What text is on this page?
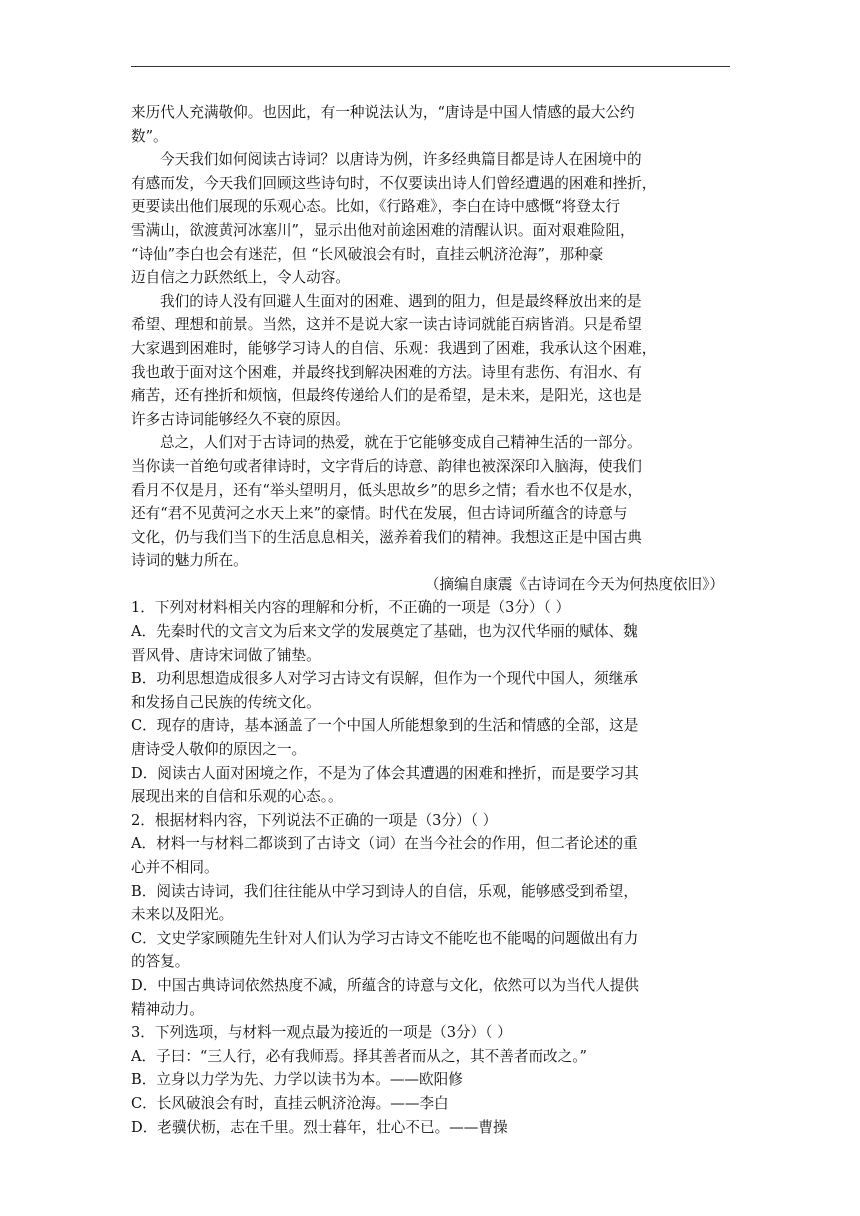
来历代人充满敬仰。也因此，有一种说法认为，“唐诗是中国人情感的最大公约
数”。
今天我们如何阅读古诗词？以唐诗为例，许多经典篇目都是诗人在困境中的
有感而发，今天我们回顾这些诗句时，不仅要读出诗人们曾经遭遇的困难和挫折，
更要读出他们展现的乐观心态。比如，《行路难》，李白在诗中感慨“将登太行
雪满山，欲渡黄河冰塞川”，显示出他对前途困难的清醒认识。面对艰难险阻，
“诗仙”李白也会有迷茫，但 “长风破浪会有时，直挂云帆济沧海”，那种豪
迈自信之力跃然纸上，令人动容。
我们的诗人没有回避人生面对的困难、遇到的阻力，但是最终释放出来的是
希望、理想和前景。当然，这并不是说大家一读古诗词就能百病皆消。只是希望
大家遇到困难时，能够学习诗人的自信、乐观：我遇到了困难，我承认这个困难，
我也敢于面对这个困难，并最终找到解决困难的方法。诗里有悲伤、有泪水、有
痛苦，还有挫折和烦恼，但最终传递给人们的是希望，是未来，是阳光，这也是
许多古诗词能够经久不衰的原因。
总之，人们对于古诗词的热爱，就在于它能够变成自己精神生活的一部分。
当你读一首绝句或者律诗时，文字背后的诗意、韵律也被深深印入脑海，使我们
看月不仅是月，还有“举头望明月，低头思故乡”的思乡之情；看水也不仅是水，
还有“君不见黄河之水天上来”的豪情。时代在发展，但古诗词所蕴含的诗意与
文化，仍与我们当下的生活息息相关，滋养着我们的精神。我想这正是中国古典
诗词的魅力所在。
（摘编自康震《古诗词在今天为何热度依旧》）
1．下列对材料相关内容的理解和分析，不正确的一项是（3分）（ ）
A．先秦时代的文言文为后来文学的发展奠定了基础，也为汉代华丽的赋体、魏
晋风骨、唐诗宋词做了铺垫。
B．功利思想造成很多人对学习古诗文有误解，但作为一个现代中国人，须继承
和发扬自己民族的传统文化。
C．现存的唐诗，基本涵盖了一个中国人所能想象到的生活和情感的全部，这是
唐诗受人敬仰的原因之一。
D．阅读古人面对困境之作，不是为了体会其遭遇的困难和挫折，而是要学习其
展现出来的自信和乐观的心态。。
2．根据材料内容，下列说法不正确的一项是（3分）（ ）
A．材料一与材料二都谈到了古诗文（词）在当今社会的作用，但二者论述的重
心并不相同。
B．阅读古诗词，我们往往能从中学习到诗人的自信，乐观，能够感受到希望，
未来以及阳光。
C．文史学家顾随先生针对人们认为学习古诗文不能吃也不能喝的问题做出有力
的答复。
D．中国古典诗词依然热度不减，所蕴含的诗意与文化，依然可以为当代人提供
精神动力。
3．下列选项，与材料一观点最为接近的一项是（3分）（ ）
A．子曰：“三人行，必有我师焉。择其善者而从之，其不善者而改之。”
B．立身以力学为先、力学以读书为本。——欧阳修
C．长风破浪会有时，直挂云帆济沧海。——李白
D．老骥伏枥，志在千里。烈士暮年，壮心不已。——曹操
